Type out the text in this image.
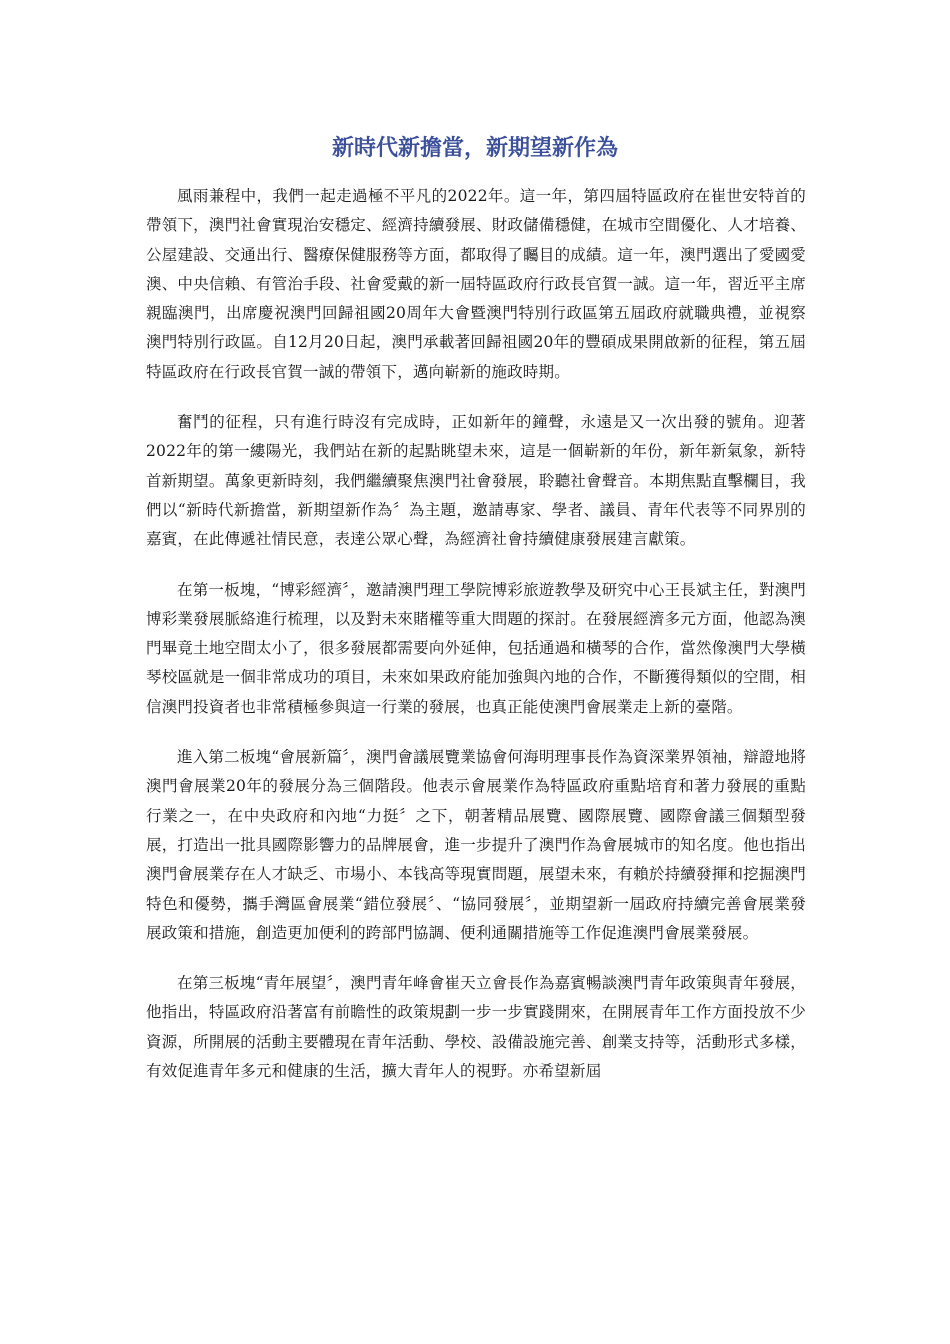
新時代新擔當，新期望新作為

風雨兼程中，我們一起走過極不平凡的2022年。這一年，第四屆特區政府在崔世安特首的帶領下，澳門社會實現治安穩定、經濟持續發展、財政儲備穩健，在城市空間優化、人才培養、公屋建設、交通出行、醫療保健服務等方面，都取得了矚目的成績。這一年，澳門選出了愛國愛澳、中央信賴、有管治手段、社會愛戴的新一屆特區政府行政長官賀一誠。這一年，習近平主席親臨澳門，出席慶祝澳門回歸祖國20周年大會暨澳門特別行政區第五屆政府就職典禮，並視察澳門特別行政區。自12月20日起，澳門承載著回歸祖國20年的豐碩成果開啟新的征程，第五屆特區政府在行政長官賀一誠的帶領下，邁向嶄新的施政時期。

奮鬥的征程，只有進行時沒有完成時，正如新年的鐘聲，永遠是又一次出發的號角。迎著2022年的第一縷陽光，我們站在新的起點眺望未來，這是一個嶄新的年份，新年新氣象，新特首新期望。萬象更新時刻，我們繼續聚焦澳門社會發展，聆聽社會聲音。本期焦點直擊欄目，我們以“新時代新擔當，新期望新作為〞為主題，邀請專家、學者、議員、青年代表等不同界別的嘉賓，在此傳遞社情民意，表達公眾心聲，為經濟社會持續健康發展建言獻策。

在第一板塊，“博彩經濟〞，邀請澳門理工學院博彩旅遊教學及研究中心王長斌主任，對澳門博彩業發展脈絡進行梳理，以及對未來賭權等重大問題的探討。在發展經濟多元方面，他認為澳門畢竟土地空間太小了，很多發展都需要向外延伸，包括通過和橫琴的合作，當然像澳門大學橫琴校區就是一個非常成功的項目，未來如果政府能加強與內地的合作，不斷獲得類似的空間，相信澳門投資者也非常積極參與這一行業的發展，也真正能使澳門會展業走上新的臺階。

進入第二板塊“會展新篇〞，澳門會議展覽業協會何海明理事長作為資深業界領袖，辯證地將澳門會展業20年的發展分為三個階段。他表示會展業作為特區政府重點培育和著力發展的重點行業之一，在中央政府和內地“力挺〞之下，朝著精品展覽、國際展覽、國際會議三個類型發展，打造出一批具國際影響力的品牌展會，進一步提升了澳門作為會展城市的知名度。他也指出澳門會展業存在人才缺乏、市場小、本钱高等現實問題，展望未來，有賴於持續發揮和挖掘澳門特色和優勢，攜手灣區會展業“錯位發展〞、“協同發展〞，並期望新一屆政府持續完善會展業發展政策和措施，創造更加便利的跨部門協調、便利通關措施等工作促進澳門會展業發展。

在第三板塊“青年展望〞，澳門青年峰會崔天立會長作為嘉賓暢談澳門青年政策與青年發展，他指出，特區政府沿著富有前瞻性的政策規劃一步一步實踐開來，在開展青年工作方面投放不少資源，所開展的活動主要體現在青年活動、學校、設備設施完善、創業支持等，活動形式多樣，有效促進青年多元和健康的生活，擴大青年人的視野。亦希望新屆
